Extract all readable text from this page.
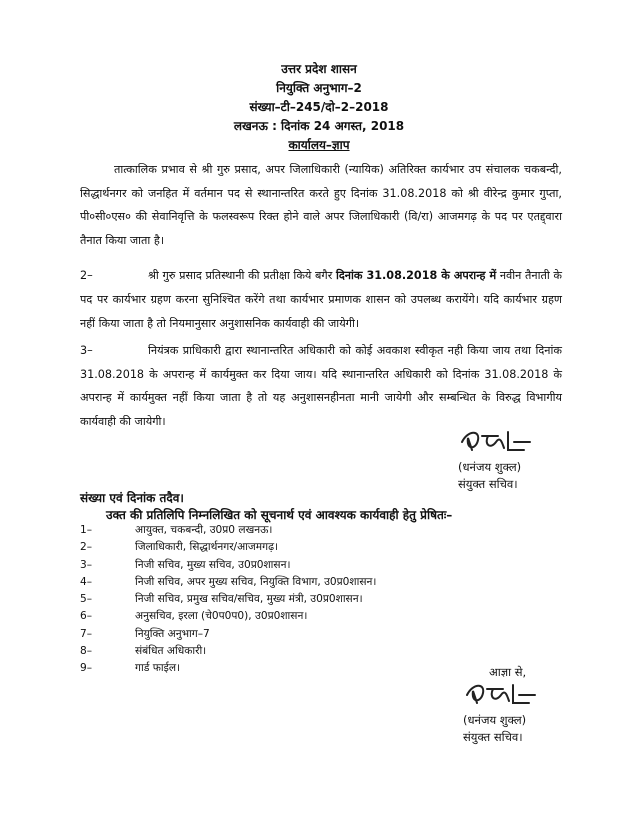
उत्तर प्रदेश शासन
नियुक्ति अनुभाग–2
संख्या–टी–245/दो–2–2018
लखनऊ : दिनांक 24 अगस्त, 2018
कार्यालय–ज्ञाप

तात्कालिक प्रभाव से श्री गुरु प्रसाद, अपर जिलाधिकारी (न्यायिक) अतिरिक्त कार्यभार उप संचालक चकबन्दी, सिद्धार्थनगर को जनहित में वर्तमान पद से स्थानान्तरित करते हुए दिनांक 31.08.2018 को श्री वीरेन्द्र कुमार गुप्ता, पी०सी०एस० की सेवानिवृत्ति के फलस्वरूप रिक्त होने वाले अपर जिलाधिकारी (वि/रा) आजमगढ़ के पद पर एतद्द्वारा तैनात किया जाता है।

2–	श्री गुरु प्रसाद प्रतिस्थानी की प्रतीक्षा किये बगैर दिनांक 31.08.2018 के अपरान्ह में नवीन तैनाती के पद पर कार्यभार ग्रहण करना सुनिश्चित करेंगे तथा कार्यभार प्रमाणक शासन को उपलब्ध करायेंगे। यदि कार्यभार ग्रहण नहीं किया जाता है तो नियमानुसार अनुशासनिक कार्यवाही की जायेगी।

3–	नियंत्रक प्राधिकारी द्वारा स्थानान्तरित अधिकारी को कोई अवकाश स्वीकृत नही किया जाय तथा दिनांक 31.08.2018 के अपरान्ह में कार्यमुक्त कर दिया जाय। यदि स्थानान्तरित अधिकारी को दिनांक 31.08.2018 के अपरान्ह में कार्यमुक्त नहीं किया जाता है तो यह अनुशासनहीनता मानी जायेगी और सम्बन्धित के विरुद्ध विभागीय कार्यवाही की जायेगी।

(धनंजय शुक्ल)
संयुक्त सचिव।
संख्या एवं दिनांक तदैव।
उक्त की प्रतिलिपि निम्नलिखित को सूचनार्थ एवं आवश्यक कार्यवाही हेतु प्रेषितः–
1–	आयुक्त, चकबन्दी, उ0प्र0 लखनऊ।
2–	जिलाधिकारी, सिद्धार्थनगर/आजमगढ़।
3–	निजी सचिव, मुख्य सचिव, उ0प्र0शासन।
4–	निजी सचिव, अपर मुख्य सचिव, नियुक्ति विभाग, उ0प्र0शासन।
5–	निजी सचिव, प्रमुख सचिव/सचिव, मुख्य मंत्री, उ0प्र0शासन।
6–	अनुसचिव, इरला (चे0प0प0), उ0प्र0शासन।
7–	नियुक्ति अनुभाग–7
8–	संबंधित अधिकारी।
9–	गार्ड फाईल।	आज्ञा से,
(धनंजय शुक्ल)
संयुक्त सचिव।
